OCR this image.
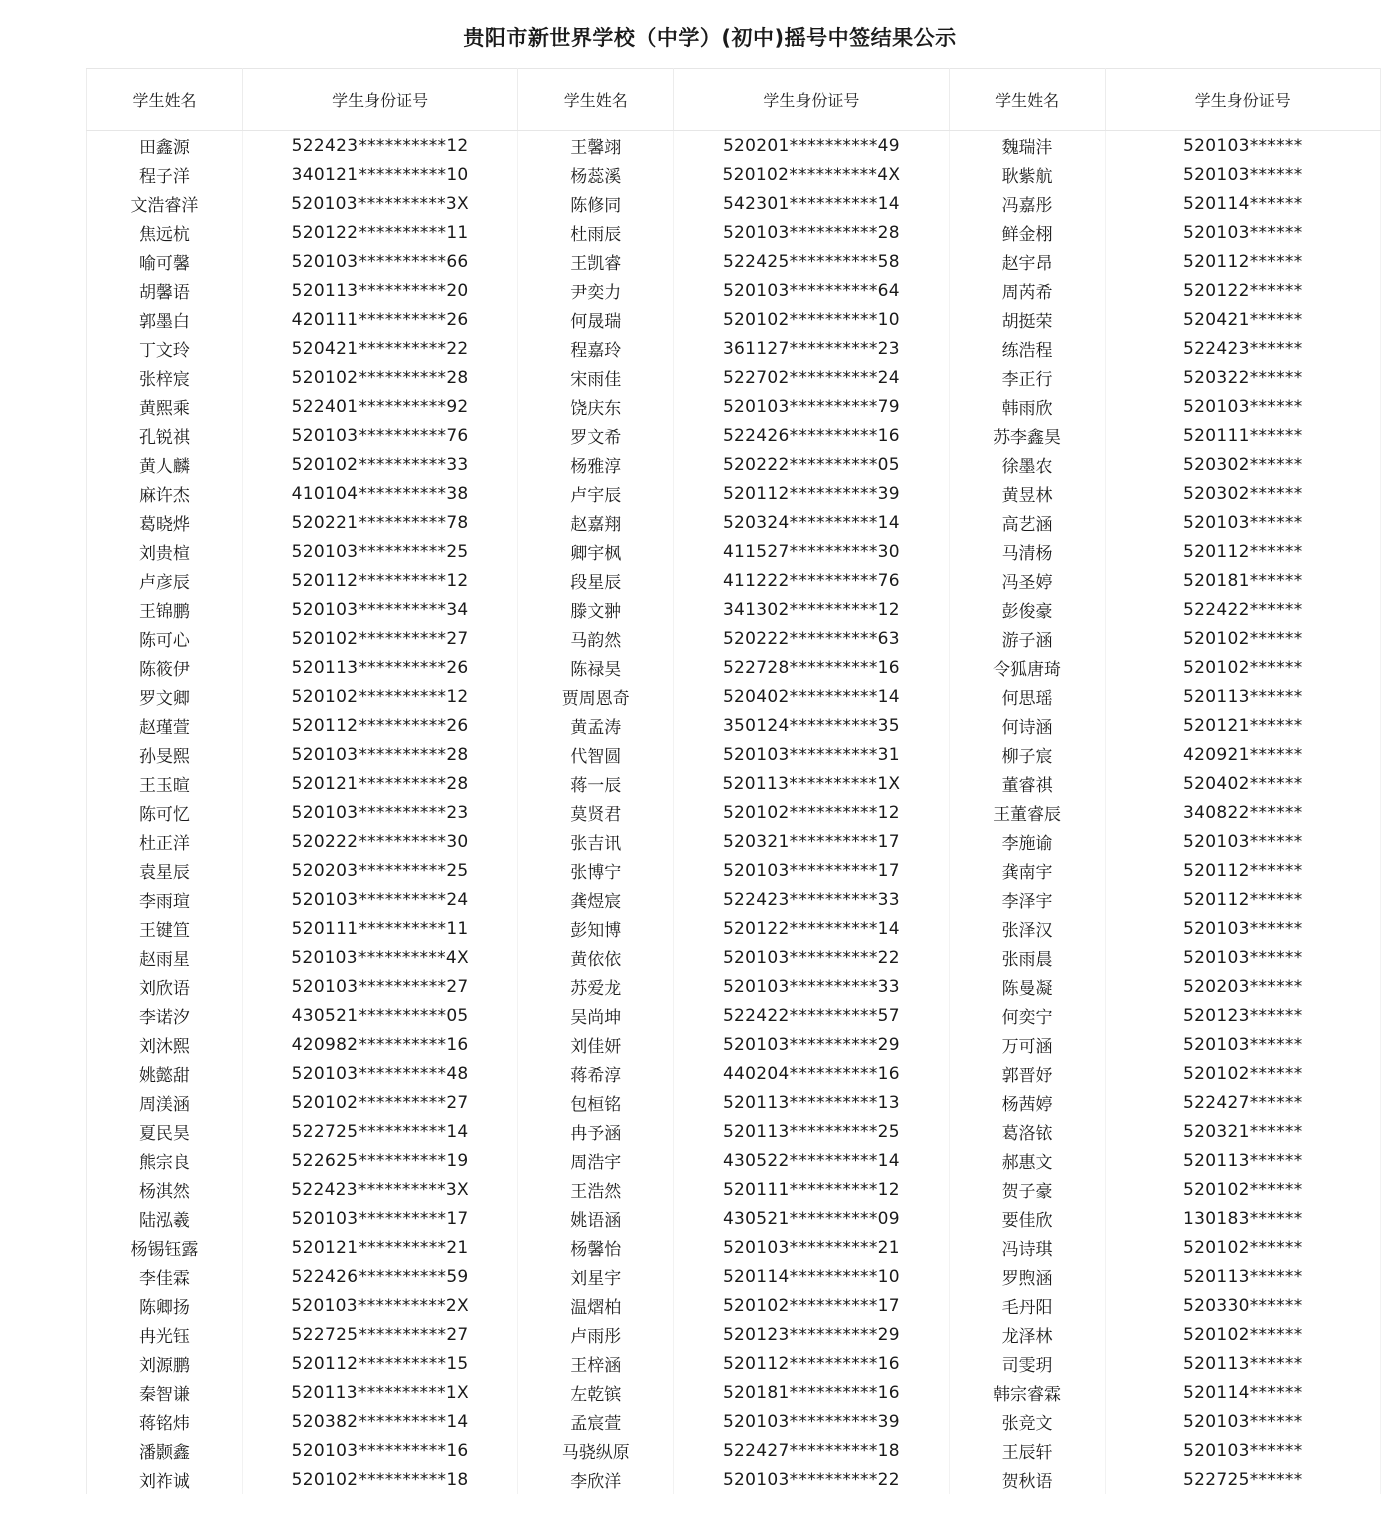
贵阳市新世界学校（中学）(初中)摇号中签结果公示
学生姓名	学生身份证号	学生姓名	学生身份证号	学生姓名	学生身份证号
田鑫源	522423**********12	王馨翊	520201**********49	魏瑞沣	520103******
程子洋	340121**********10	杨蕊溪	520102**********4X	耿紫航	520103******
文浩睿洋	520103**********3X	陈修同	542301**********14	冯嘉彤	520114******
焦远杭	520122**********11	杜雨辰	520103**********28	鲜金栩	520103******
喻可馨	520103**********66	王凯睿	522425**********58	赵宇昂	520112******
胡馨语	520113**********20	尹奕力	520103**********64	周芮希	520122******
郭墨白	420111**********26	何晟瑞	520102**********10	胡挺荣	520421******
丁文玲	520421**********22	程嘉玲	361127**********23	练浩程	522423******
张梓宸	520102**********28	宋雨佳	522702**********24	李正行	520322******
黄熙乘	522401**********92	饶庆东	520103**********79	韩雨欣	520103******
孔锐祺	520103**********76	罗文希	522426**********16	苏李鑫昊	520111******
黄人麟	520102**********33	杨雅淳	520222**********05	徐墨农	520302******
麻许杰	410104**********38	卢宇辰	520112**********39	黄昱林	520302******
葛晓烨	520221**********78	赵嘉翔	520324**********14	高艺涵	520103******
刘贵楦	520103**********25	卿宇枫	411527**********30	马清杨	520112******
卢彦辰	520112**********12	段星辰	411222**********76	冯圣婷	520181******
王锦鹏	520103**********34	滕文翀	341302**********12	彭俊豪	522422******
陈可心	520102**********27	马韵然	520222**********63	游子涵	520102******
陈筱伊	520113**********26	陈禄昊	522728**********16	令狐唐琦	520102******
罗文卿	520102**********12	贾周恩奇	520402**********14	何思瑶	520113******
赵瑾萱	520112**********26	黄孟涛	350124**********35	何诗涵	520121******
孙旻熙	520103**********28	代智圆	520103**********31	柳子宸	420921******
王玉暄	520121**********28	蒋一辰	520113**********1X	董睿祺	520402******
陈可忆	520103**********23	莫贤君	520102**********12	王董睿辰	340822******
杜正洋	520222**********30	张吉讯	520321**********17	李施谕	520103******
袁星辰	520203**********25	张博宁	520103**********17	龚南宇	520112******
李雨瑄	520103**********24	龚煜宸	522423**********33	李泽宇	520112******
王键笪	520111**********11	彭知博	520122**********14	张泽汉	520103******
赵雨星	520103**********4X	黄依依	520103**********22	张雨晨	520103******
刘欣语	520103**********27	苏爱龙	520103**********33	陈曼凝	520203******
李诺汐	430521**********05	吴尚坤	522422**********57	何奕宁	520123******
刘沐熙	420982**********16	刘佳妍	520103**********29	万可涵	520103******
姚懿甜	520103**********48	蒋希淳	440204**********16	郭晋妤	520102******
周渼涵	520102**********27	包桓铭	520113**********13	杨茜婷	522427******
夏民昊	522725**********14	冉予涵	520113**********25	葛洛铱	520321******
熊宗良	522625**********19	周浩宇	430522**********14	郝惠文	520113******
杨淇然	522423**********3X	王浩然	520111**********12	贺子豪	520102******
陆泓羲	520103**********17	姚语涵	430521**********09	要佳欣	130183******
杨锡钰露	520121**********21	杨馨怡	520103**********21	冯诗琪	520102******
李佳霖	522426**********59	刘星宇	520114**********10	罗煦涵	520113******
陈卿扬	520103**********2X	温熠柏	520102**********17	毛丹阳	520330******
冉光钰	522725**********27	卢雨彤	520123**********29	龙泽林	520102******
刘源鹏	520112**********15	王梓涵	520112**********16	司雯玥	520113******
秦智谦	520113**********1X	左乾镔	520181**********16	韩宗睿霖	520114******
蒋铭炜	520382**********14	孟宸萱	520103**********39	张竞文	520103******
潘颢鑫	520103**********16	马骁纵原	522427**********18	王辰轩	520103******
刘祚诚	520102**********18	李欣洋	520103**********22	贺秋语	522725******
